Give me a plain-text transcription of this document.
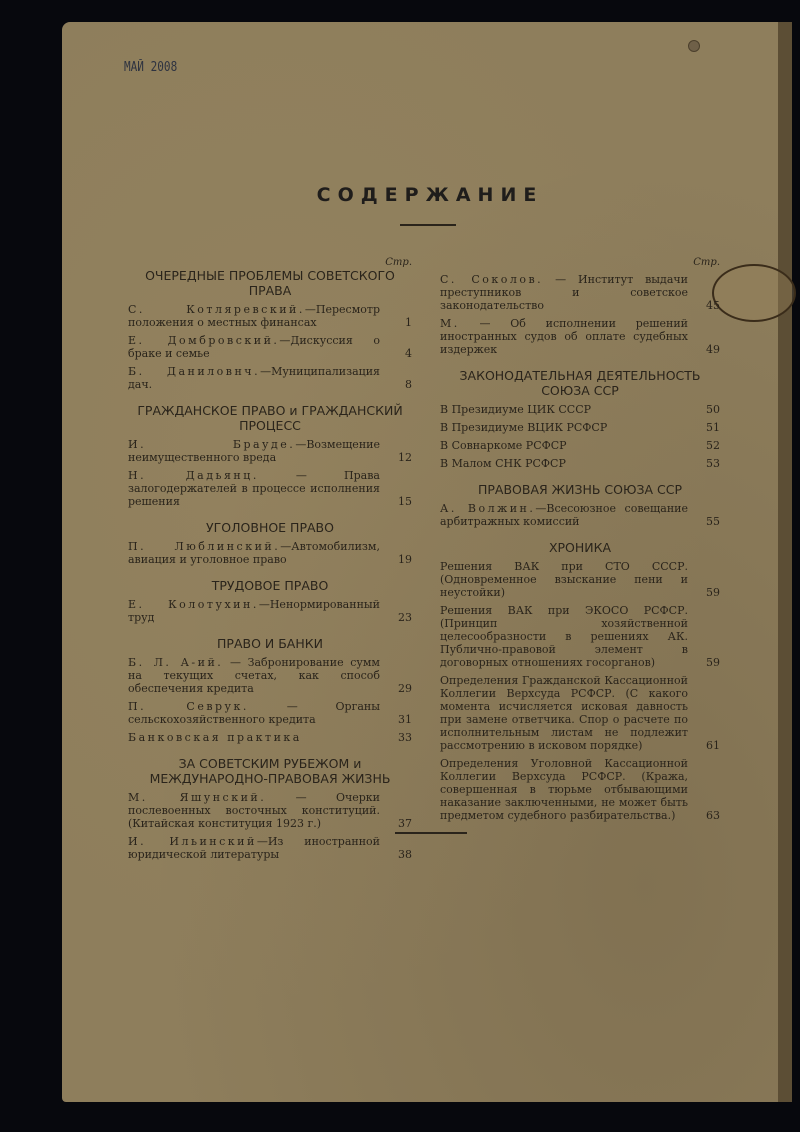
МАЙ 2008
СОДЕРЖАНИЕ
Стр.
ОЧЕРЕДНЫЕ ПРОБЛЕМЫ СОВЕТСКОГО ПРАВА
С. Котляревский.—Пересмотр положения о местных финансах	1
Е. Домбровский.—Дискуссия о браке и семье	4
Б. Даниловнч.—Муниципализация дач.	8
ГРАЖДАНСКОЕ ПРАВО и ГРАЖДАНСКИЙ ПРОЦЕСС
И. Брауде.—Возмещение неимущественного вреда	12
Н. Дадьянц. — Права залогодержателей в процессе исполнения решения	15
УГОЛОВНОЕ ПРАВО
П. Люблинский.—Автомобилизм, авиация и уголовное право	19
ТРУДОВОЕ ПРАВО
Е. Колотухин.—Ненормированный труд	23
ПРАВО И БАНКИ
Б. Л. А-ий. — Забронирование сумм на текущих счетах, как способ обеспечения кредита	29
П. Севрук. — Органы сельскохозяйственного кредита	31
Банковская практика	33
ЗА СОВЕТСКИМ РУБЕЖОМ и МЕЖДУНАРОДНО-ПРАВОВАЯ ЖИЗНЬ
М. Яшунский. — Очерки послевоенных восточных конституций. (Китайская конституция 1923 г.)	37
И. Ильинский—Из иностранной юридической литературы	38
Стр.
С. Соколов. — Институт выдачи преступников и советское законодательство	45
М. — Об исполнении решений иностранных судов об оплате судебных издержек	49
ЗАКОНОДАТЕЛЬНАЯ ДЕЯТЕЛЬНОСТЬ СОЮЗА ССР
В Президиуме ЦИК СССР	50
В Президиуме ВЦИК РСФСР	51
В Совнаркоме РСФСР	52
В Малом СНК РСФСР	53
ПРАВОВАЯ ЖИЗНЬ СОЮЗА ССР
А. Волжин.—Всесоюзное совещание арбитражных комиссий	55
ХРОНИКА
Решения ВАК при СТО СССР. (Одновременное взыскание пени и неустойки)	59
Решения ВАК при ЭКОСО РСФСР. (Принцип хозяйственной целесообразности в решениях АК. Публично-правовой элемент в договорных отношениях госорганов)	59
Определения Гражданской Кассационной Коллегии Верхсуда РСФСР. (С какого момента исчисляется исковая давность при замене ответчика. Спор о расчете по исполнительным листам не подлежит рассмотрению в исковом порядке)	61
Определения Уголовной Кассационной Коллегии Верхсуда РСФСР. (Кража, совершенная в тюрьме отбывающими наказание заключенными, не может быть предметом судебного разбирательства.)	63
